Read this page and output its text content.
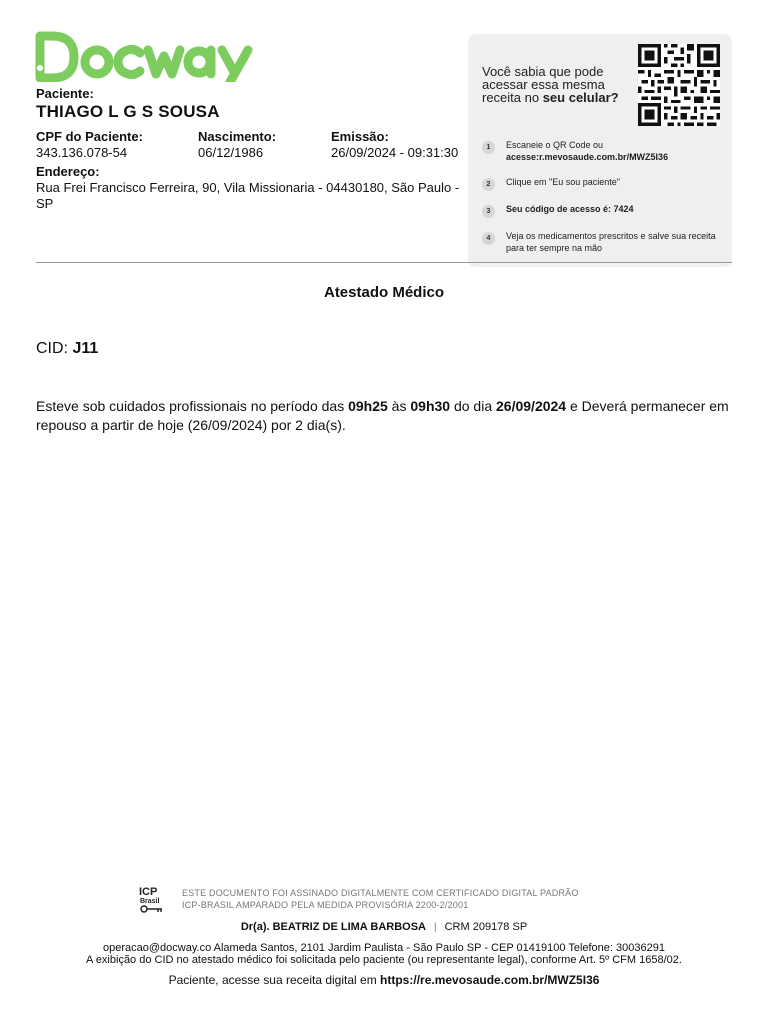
Paciente:
THIAGO L G S SOUSA
CPF do Paciente:
343.136.078-54
Nascimento:
06/12/1986
Emissão:
26/09/2024 - 09:31:30
Endereço:
Rua Frei Francisco Ferreira, 90, Vila Missionaria - 04430180, São Paulo - SP
Você sabia que pode acessar essa mesma receita no seu celular?
1	Escaneie o QR Code ou
acesse:r.mevosaude.com.br/MWZ5I36
2	Clique em "Eu sou paciente"
3	Seu código de acesso é: 7424
4	Veja os medicamentos prescritos e salve sua receita para ter sempre na mão
Atestado Médico
CID: J11
Esteve sob cuidados profissionais no período das 09h25 às 09h30 do dia 26/09/2024 e Deverá permanecer em repouso a partir de hoje (26/09/2024) por 2 dia(s).
ICP
Brasil
ESTE DOCUMENTO FOI ASSINADO DIGITALMENTE COM CERTIFICADO DIGITAL PADRÃO
ICP-BRASIL AMPARADO PELA MEDIDA PROVISÓRIA 2200-2/2001
Dr(a). BEATRIZ DE LIMA BARBOSA | CRM 209178 SP
operacao@docway.co Alameda Santos, 2101 Jardim Paulista - São Paulo SP - CEP 01419100 Telefone: 30036291
A exibição do CID no atestado médico foi solicitada pelo paciente (ou representante legal), conforme Art. 5º CFM 1658/02.
Paciente, acesse sua receita digital em https://re.mevosaude.com.br/MWZ5I36
